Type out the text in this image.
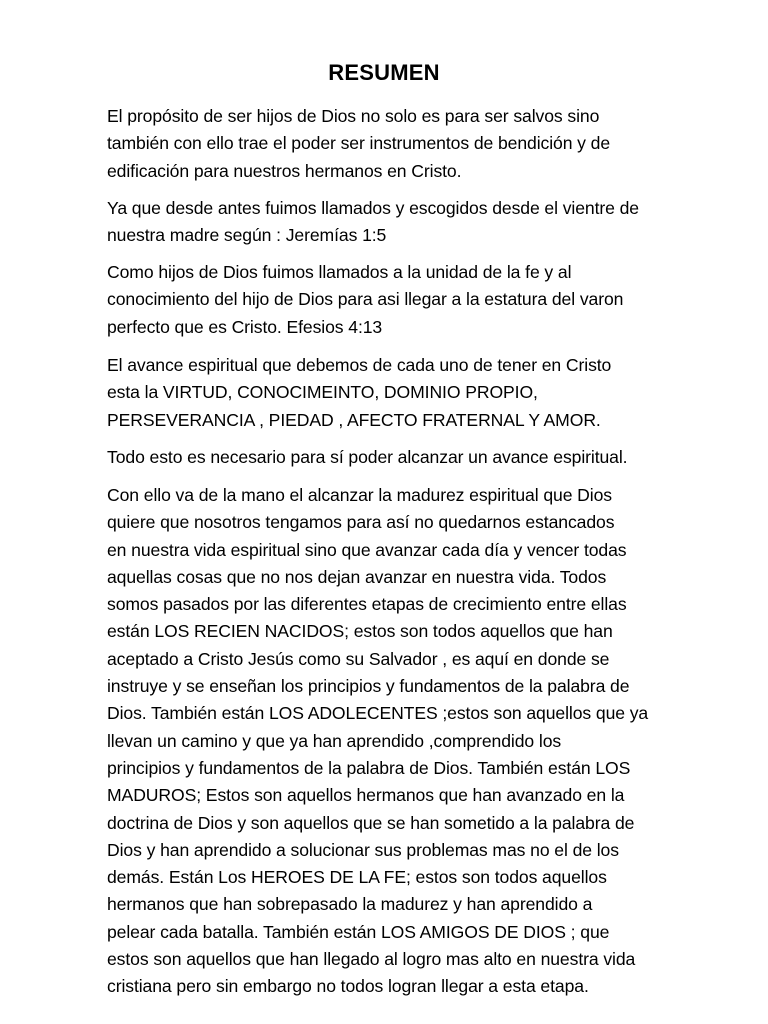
RESUMEN
El propósito de ser hijos de Dios no solo es para ser salvos sino
también con ello trae el poder ser instrumentos de bendición y de
edificación para nuestros hermanos en Cristo.
Ya que desde antes fuimos llamados y escogidos desde el vientre de
nuestra madre según : Jeremías 1:5
Como hijos de Dios fuimos llamados a la unidad de la fe y al
conocimiento del hijo de Dios para asi llegar a la estatura del varon
perfecto que es Cristo. Efesios 4:13
El avance espiritual que debemos de cada uno de tener en Cristo
esta la VIRTUD, CONOCIMEINTO, DOMINIO PROPIO,
PERSEVERANCIA , PIEDAD , AFECTO FRATERNAL Y AMOR.
Todo esto es necesario para sí poder alcanzar un avance espiritual.
Con ello va de la mano el alcanzar la madurez espiritual que Dios
quiere que nosotros tengamos para así no quedarnos estancados
en nuestra vida espiritual sino que avanzar cada día y vencer todas
aquellas cosas que no nos dejan avanzar en nuestra vida. Todos
somos pasados por las diferentes etapas de crecimiento entre ellas
están LOS RECIEN NACIDOS; estos son todos aquellos que han
aceptado a Cristo Jesús como su Salvador , es aquí en donde se
instruye y se enseñan los principios y fundamentos de la palabra de
Dios. También están LOS ADOLECENTES ;estos son aquellos que ya
llevan un camino y que ya han aprendido ,comprendido los
principios y fundamentos de la palabra de Dios. También están LOS
MADUROS; Estos son aquellos hermanos que han avanzado en la
doctrina de Dios y son aquellos que se han sometido a la palabra de
Dios y han aprendido a solucionar sus problemas mas no el de los
demás. Están Los HEROES DE LA FE; estos son todos aquellos
hermanos que han sobrepasado la madurez y han aprendido a
pelear cada batalla. También están LOS AMIGOS DE DIOS ; que
estos son aquellos que han llegado al logro mas alto en nuestra vida
cristiana pero sin embargo no todos logran llegar a esta etapa.
